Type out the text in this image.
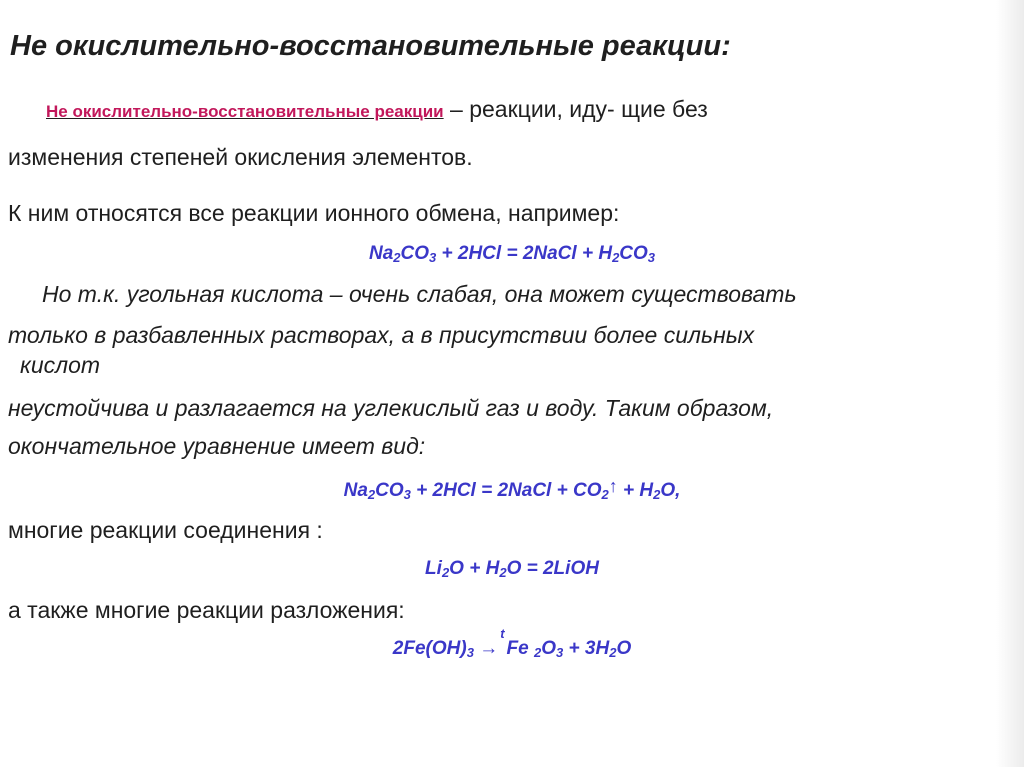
Не окислительно-восстановительные реакции:
Не окислительно-восстановительные реакции – реакции, иду- щие без
изменения степеней окисления элементов.
К ним относятся все реакции ионного обмена, например:
$Na_2CO_3 + 2HCl$ = 2NaCl + $H_2CO_3$
Но т.к. угольная кислота – очень слабая, она может существовать
только в разбавленных растворах, а в присутствии более сильных
кислот
неустойчива и разлагается на углекислый газ и воду. Таким образом,
окончательное уравнение имеет вид:
$Na_2CO_3 + 2HCl$ = 2NaCl + $CO_2↑ + H_2O$,
многие реакции соединения :
$Li_2O + H_2O$ = 2LiOH
а также многие реакции разложения:
$2Fe(OH)_3 \to^tFe$ $_2O_3 + 3H_2O$
